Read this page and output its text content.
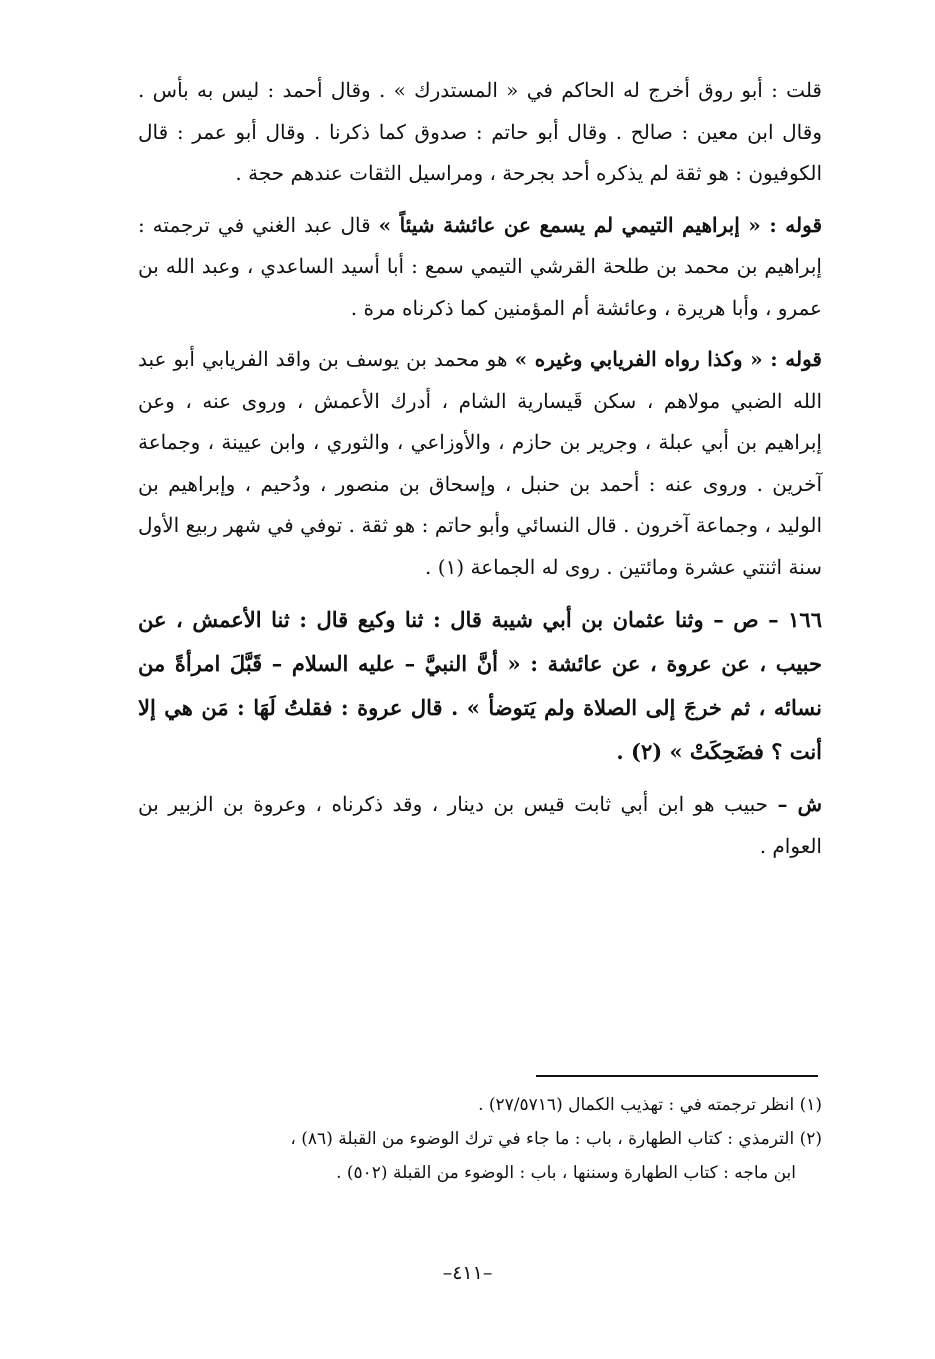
قلت : أبو روق أخرج له الحاكم في « المستدرك » . وقال أحمد : ليس به بأس . وقال ابن معين : صالح . وقال أبو حاتم : صدوق كما ذكرنا . وقال أبو عمر : قال الكوفيون : هو ثقة لم يذكره أحد بجرحة ، ومراسيل الثقات عندهم حجة .

قوله : « إبراهيم التيمي لم يسمع عن عائشة شيئاً » قال عبد الغني في ترجمته : إبراهيم بن محمد بن طلحة القرشي التيمي سمع : أبا أسيد الساعدي ، وعبد الله بن عمرو ، وأبا هريرة ، وعائشة أم المؤمنين كما ذكرناه مرة .

قوله : « وكذا رواه الفريابي وغيره » هو محمد بن يوسف بن واقد الفريابي أبو عبد الله الضبي مولاهم ، سكن قَيسارية الشام ، أدرك الأعمش ، وروى عنه ، وعن إبراهيم بن أبي عبلة ، وجرير بن حازم ، والأوزاعي ، والثوري ، وابن عيينة ، وجماعة آخرين . وروى عنه : أحمد بن حنبل ، وإسحاق بن منصور ، ودُحيم ، وإبراهيم بن الوليد ، وجماعة آخرون . قال النسائي وأبو حاتم : هو ثقة . توفي في شهر ربيع الأول سنة اثنتي عشرة ومائتين . روى له الجماعة (١) .

١٦٦ – ص – وثنا عثمان بن أبي شيبة قال : ثنا وكيع قال : ثنا الأعمش ، عن حبيب ، عن عروة ، عن عائشة : « أنَّ النبيَّ – عليه السلام – قَبَّلَ امرأةً من نسائه ، ثم خرجَ إلى الصلاة ولم يَتوضأ » . قال عروة : فقلتُ لَهَا : مَن هي إلا أنت ؟ فضَحِكَتْ » (٢) .

ش – حبيب هو ابن أبي ثابت قيس بن دينار ، وقد ذكرناه ، وعروة بن الزبير بن العوام .

(١) انظر ترجمته في : تهذيب الكمال (٢٧/٥٧١٦) .

(٢) الترمذي : كتاب الطهارة ، باب : ما جاء في ترك الوضوء من القبلة (٨٦) ،

ابن ماجه : كتاب الطهارة وسننها ، باب : الوضوء من القبلة (٥٠٢) .

–٤١١–
